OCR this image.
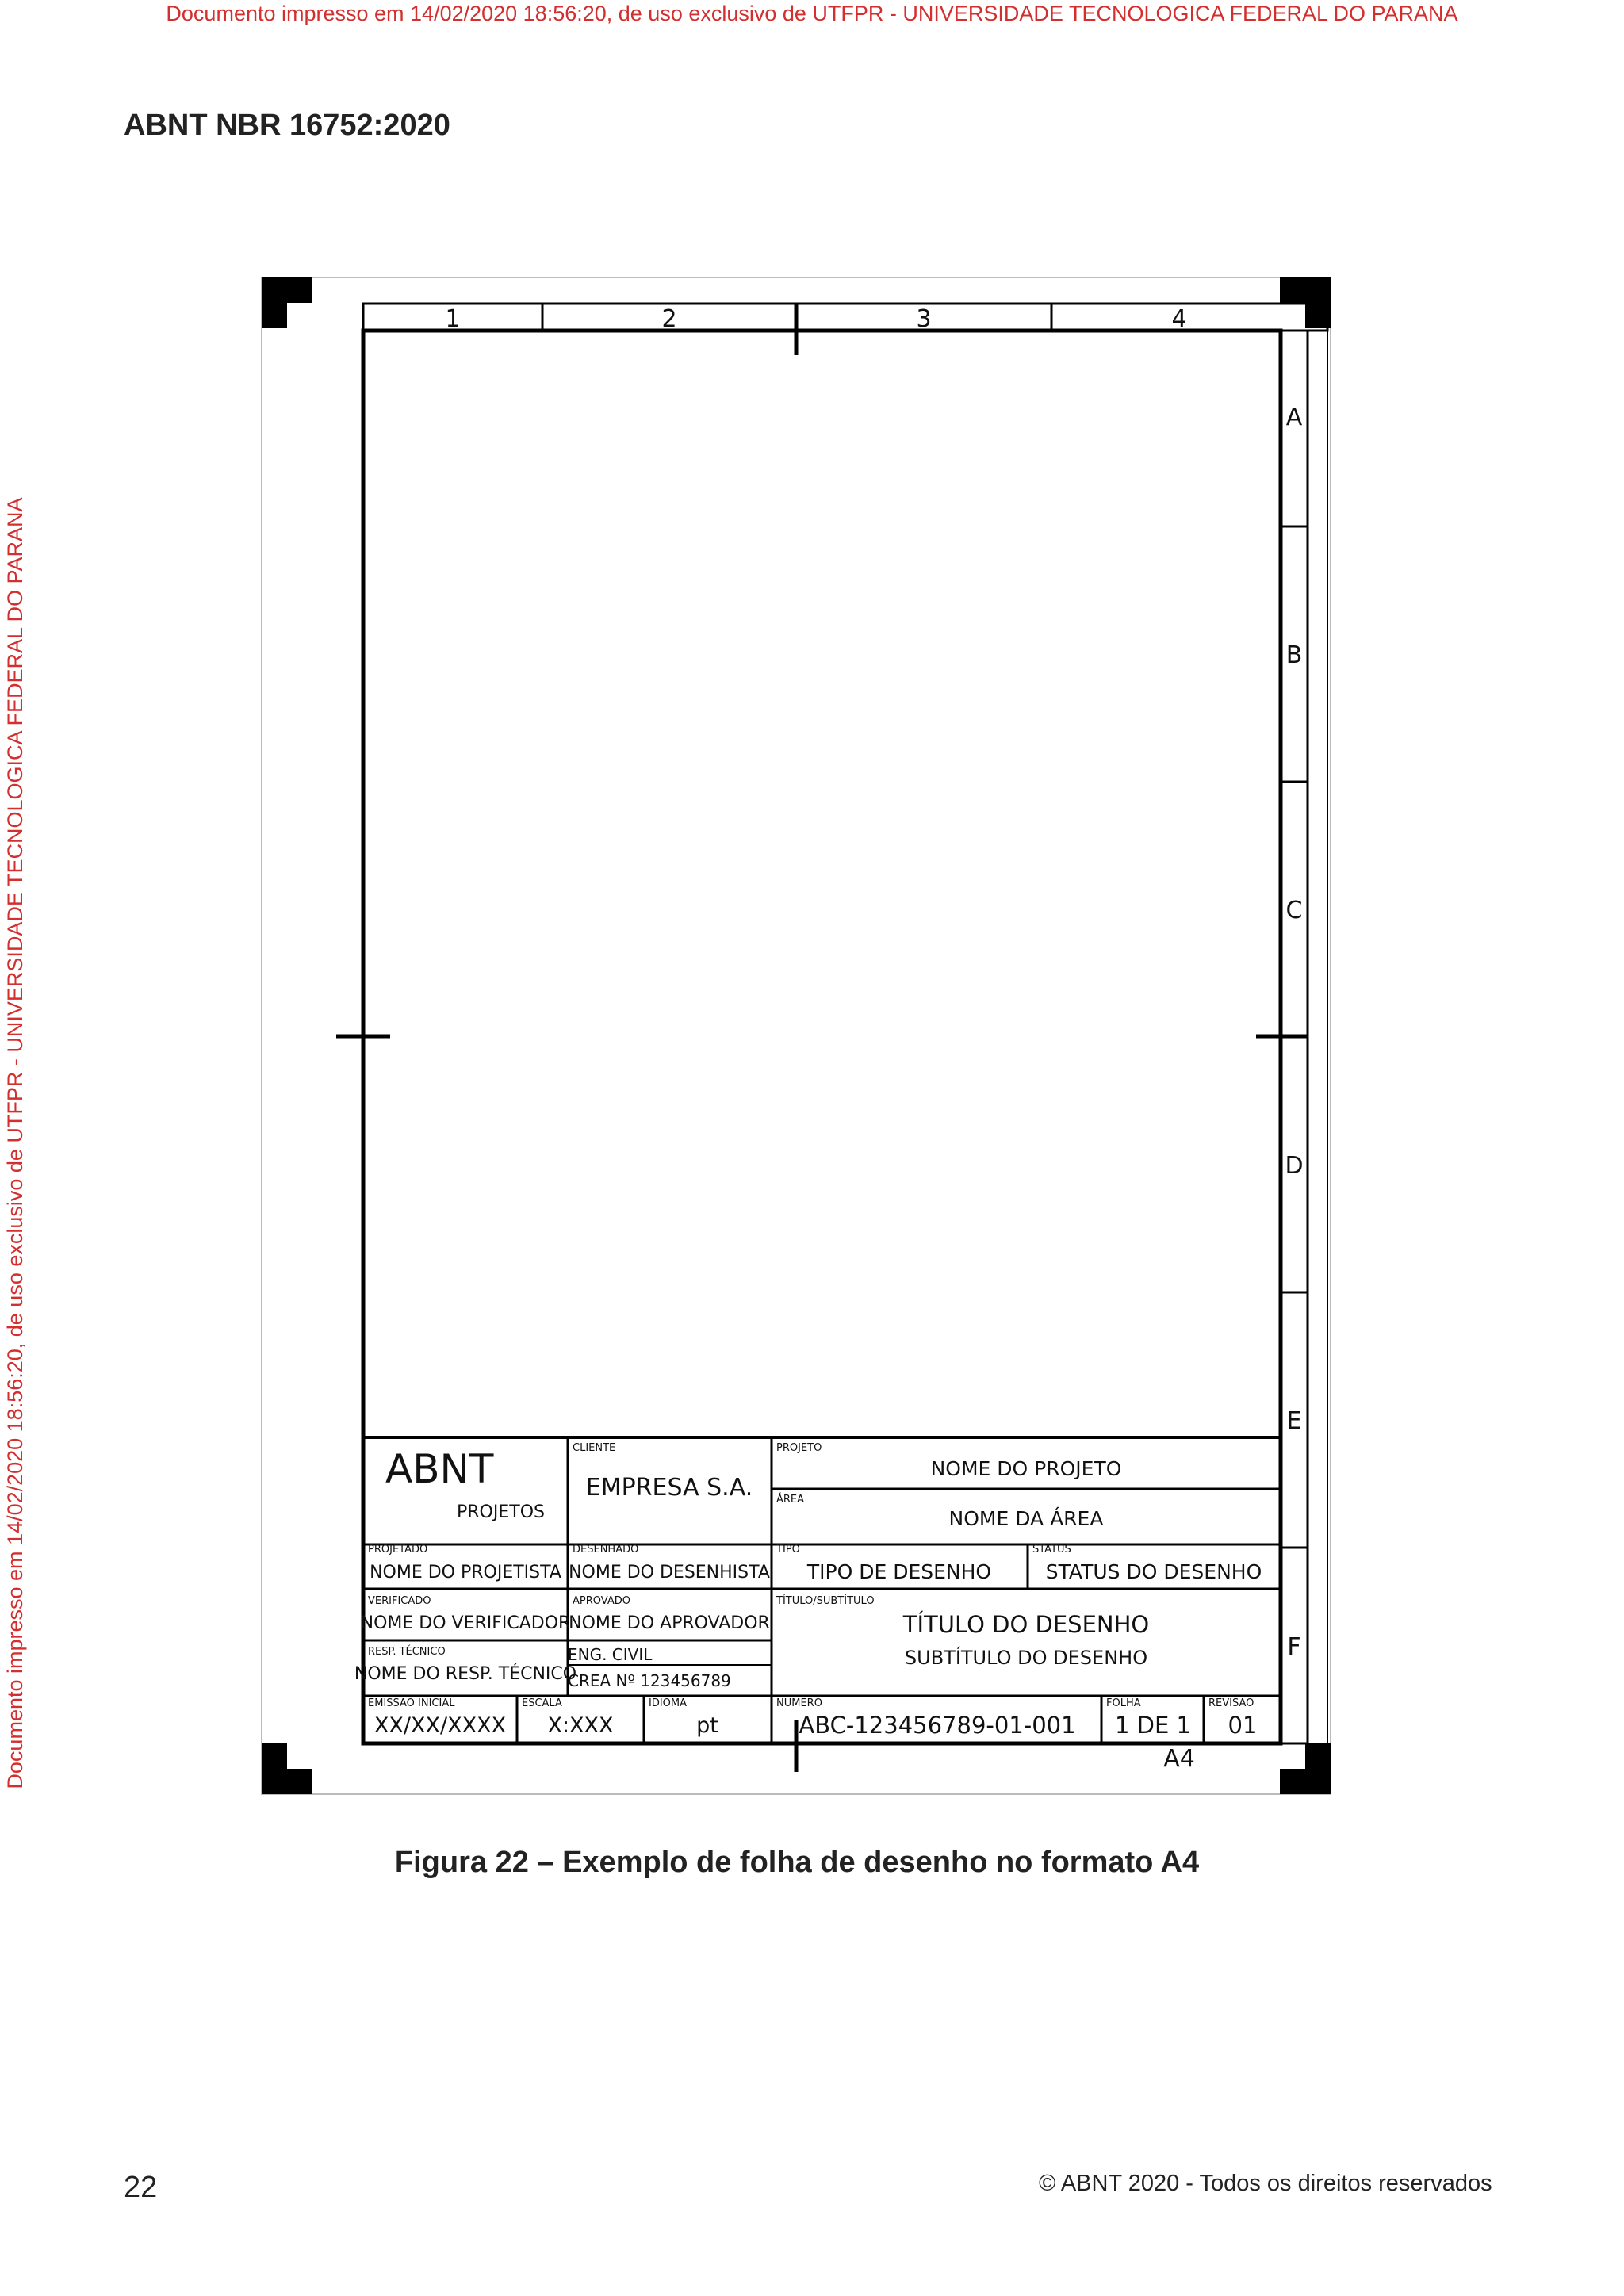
Documento impresso em 14/02/2020 18:56:20, de uso exclusivo de UTFPR - UNIVERSIDADE TECNOLOGICA FEDERAL DO PARANA
Documento impresso em 14/02/2020 18:56:20, de uso exclusivo de UTFPR - UNIVERSIDADE TECNOLOGICA FEDERAL DO PARANA
ABNT NBR 16752:2020
1	2	3	4
A
B
C
D
E
F
A4
ABNT
PROJETOS
CLIENTE
EMPRESA S.A.
PROJETO
NOME DO PROJETO
ÁREA
NOME DA ÁREA
PROJETADO
NOME DO PROJETISTA
DESENHADO
NOME DO DESENHISTA
TIPO
TIPO DE DESENHO
STATUS
STATUS DO DESENHO
VERIFICADO
NOME DO VERIFICADOR
APROVADO
NOME DO APROVADOR
TÍTULO/SUBTÍTULO
TÍTULO DO DESENHO
SUBTÍTULO DO DESENHO
RESP. TÉCNICO
NOME DO RESP. TÉCNICO
ENG. CIVIL
CREA Nº 123456789
EMISSÃO INICIAL
XX/XX/XXXX
ESCALA
X:XXX
IDIOMA
pt
NÚMERO
ABC-123456789-01-001
FOLHA
1 DE 1
REVISÃO
01
Figura 22 – Exemplo de folha de desenho no formato A4
22	© ABNT 2020 - Todos os direitos reservados
